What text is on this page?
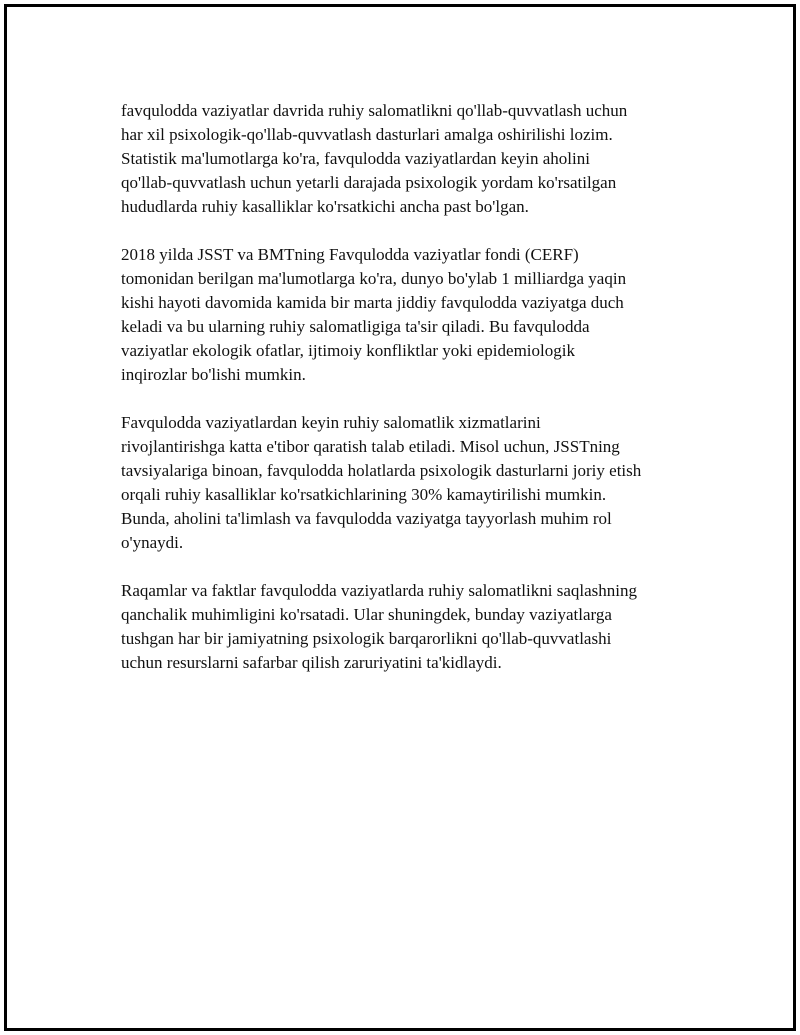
favqulodda vaziyatlar davrida ruhiy salomatlikni qo'llab-quvvatlash uchun
har xil psixologik-qo'llab-quvvatlash dasturlari amalga oshirilishi lozim.
Statistik ma'lumotlarga ko'ra, favqulodda vaziyatlardan keyin aholini
qo'llab-quvvatlash uchun yetarli darajada psixologik yordam ko'rsatilgan
hududlarda ruhiy kasalliklar ko'rsatkichi ancha past bo'lgan.

2018 yilda JSST va BMTning Favqulodda vaziyatlar fondi (CERF)
tomonidan berilgan ma'lumotlarga ko'ra, dunyo bo'ylab 1 milliardga yaqin
kishi hayoti davomida kamida bir marta jiddiy favqulodda vaziyatga duch
keladi va bu ularning ruhiy salomatligiga ta'sir qiladi. Bu favqulodda
vaziyatlar ekologik ofatlar, ijtimoiy konfliktlar yoki epidemiologik
inqirozlar bo'lishi mumkin.

Favqulodda vaziyatlardan keyin ruhiy salomatlik xizmatlarini
rivojlantirishga katta e'tibor qaratish talab etiladi. Misol uchun, JSSTning
tavsiyalariga binoan, favqulodda holatlarda psixologik dasturlarni joriy etish
orqali ruhiy kasalliklar ko'rsatkichlarining 30% kamaytirilishi mumkin.
Bunda, aholini ta'limlash va favqulodda vaziyatga tayyorlash muhim rol
o'ynaydi.

Raqamlar va faktlar favqulodda vaziyatlarda ruhiy salomatlikni saqlashning
qanchalik muhimligini ko'rsatadi. Ular shuningdek, bunday vaziyatlarga
tushgan har bir jamiyatning psixologik barqarorlikni qo'llab-quvvatlashi
uchun resurslarni safarbar qilish zaruriyatini ta'kidlaydi.
